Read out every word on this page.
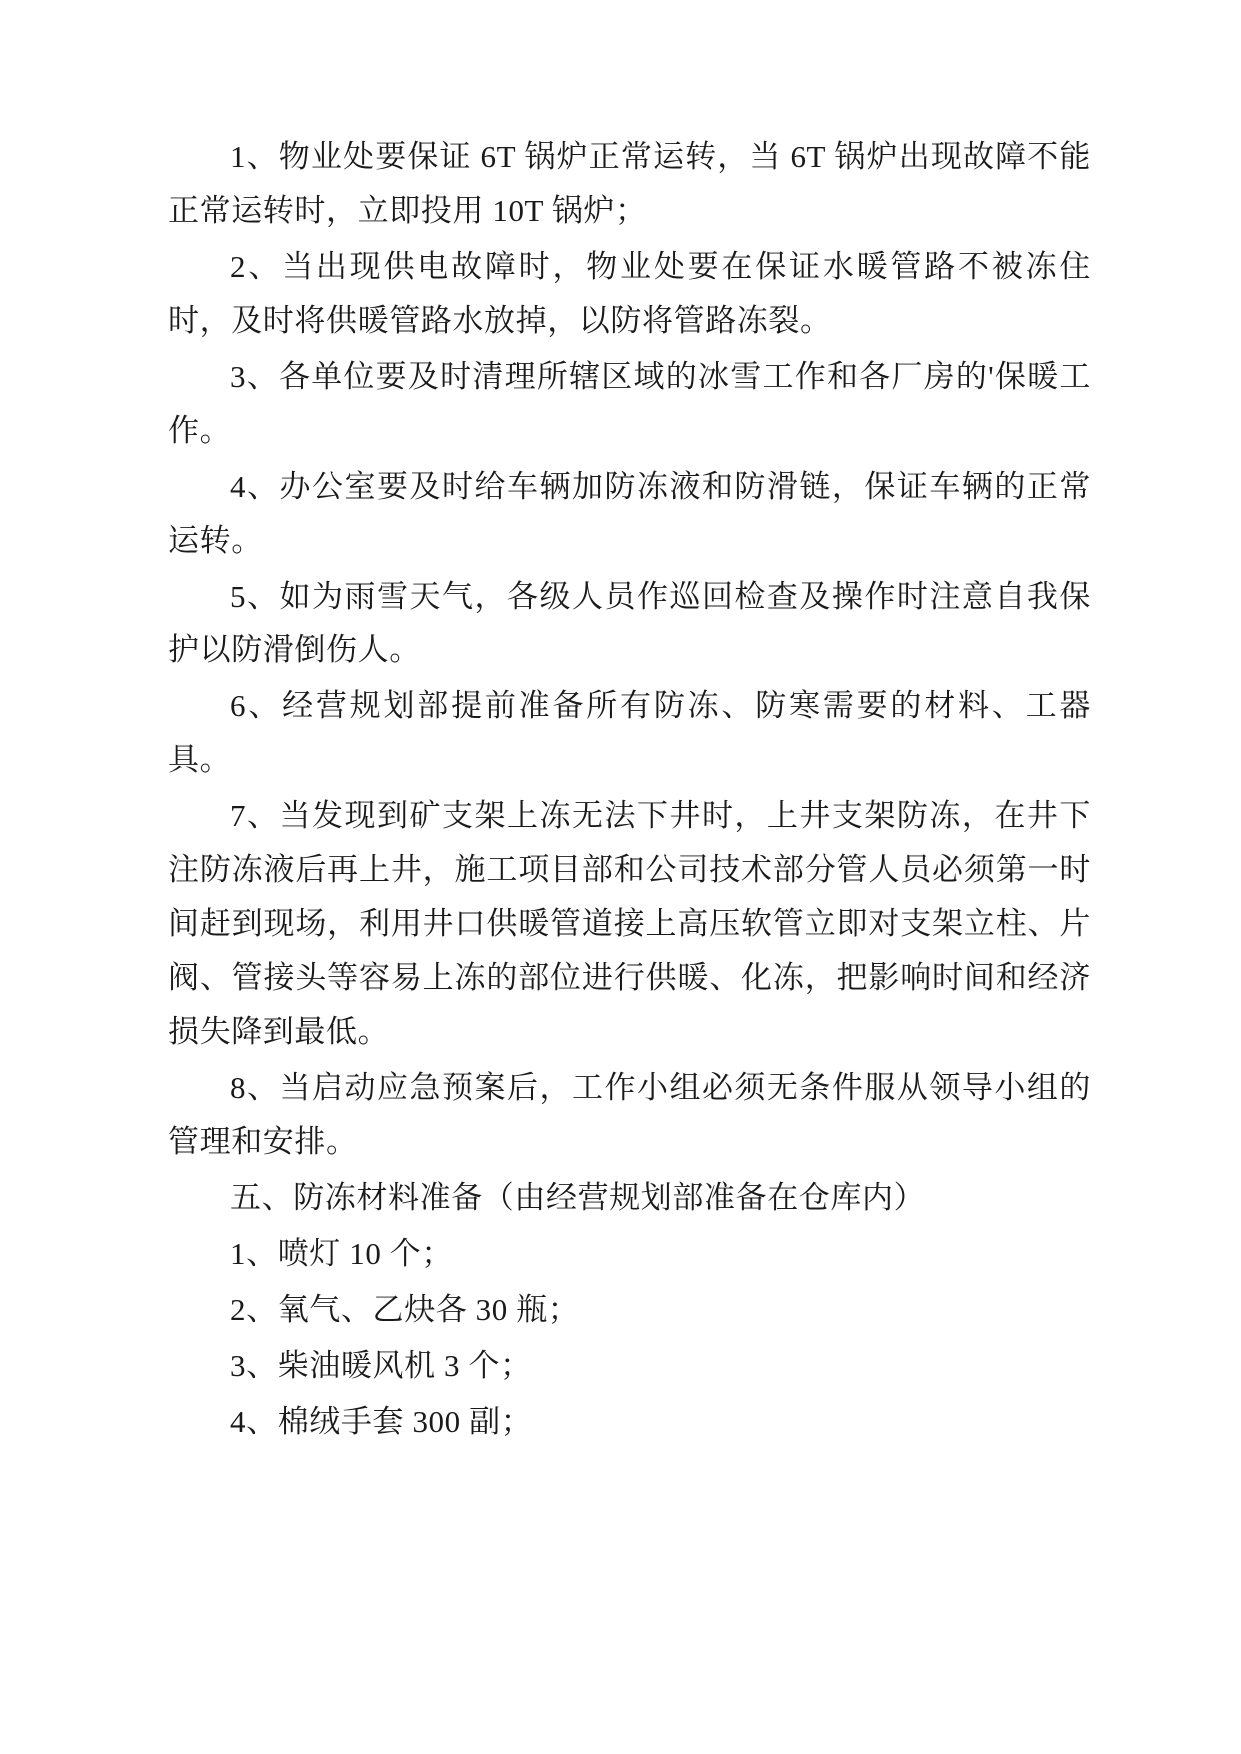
1、物业处要保证 6T 锅炉正常运转，当 6T 锅炉出现故障不能正常运转时，立即投用 10T 锅炉；

2、当出现供电故障时，物业处要在保证水暖管路不被冻住时，及时将供暖管路水放掉，以防将管路冻裂。

3、各单位要及时清理所辖区域的冰雪工作和各厂房的'保暖工作。

4、办公室要及时给车辆加防冻液和防滑链，保证车辆的正常运转。

5、如为雨雪天气，各级人员作巡回检查及操作时注意自我保护以防滑倒伤人。

6、经营规划部提前准备所有防冻、防寒需要的材料、工器具。

7、当发现到矿支架上冻无法下井时，上井支架防冻，在井下注防冻液后再上井，施工项目部和公司技术部分管人员必须第一时间赶到现场，利用井口供暖管道接上高压软管立即对支架立柱、片阀、管接头等容易上冻的部位进行供暖、化冻，把影响时间和经济损失降到最低。

8、当启动应急预案后，工作小组必须无条件服从领导小组的管理和安排。

五、防冻材料准备（由经营规划部准备在仓库内）

1、喷灯 10 个；

2、氧气、乙炔各 30 瓶；

3、柴油暖风机 3 个；

4、棉绒手套 300 副；
